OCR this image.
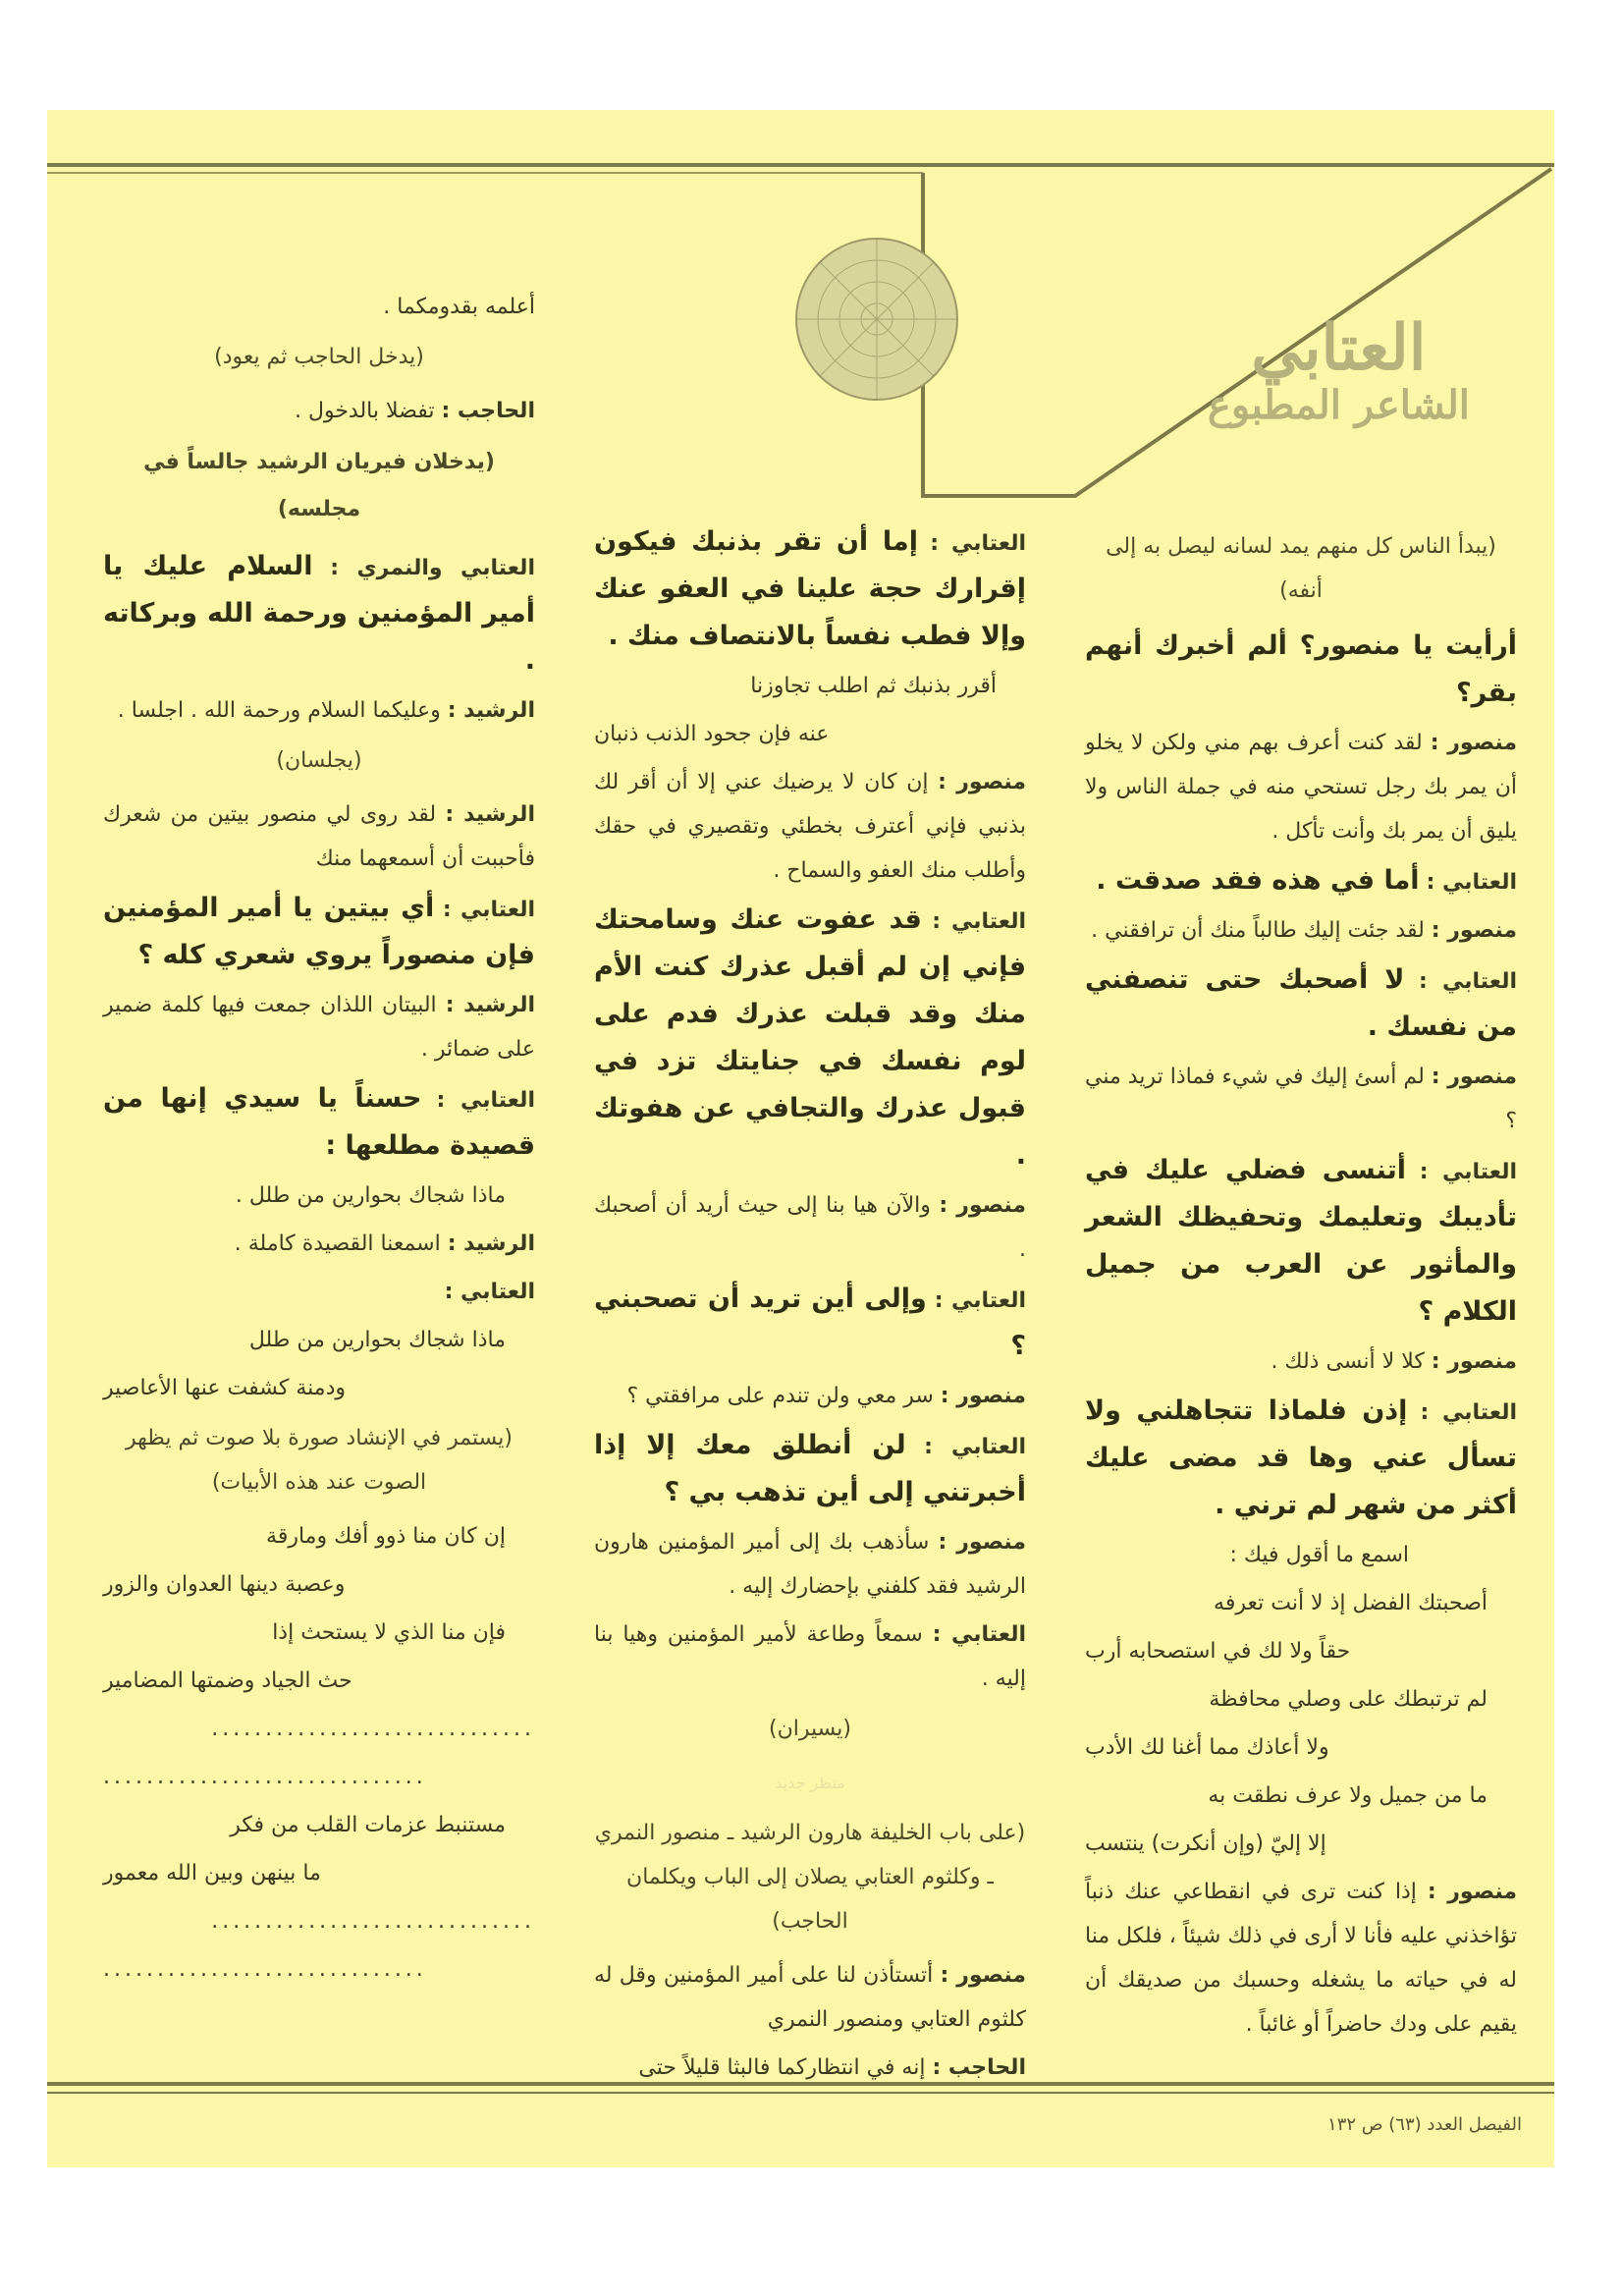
العتابي
الشاعر المطبوع

(يبدأ الناس كل منهم يمد لسانه ليصل به إلى أنفه)

أرأيت يا منصور؟ ألم أخبرك أنهم بقر؟

منصور : لقد كنت أعرف بهم مني ولكن لا يخلو أن يمر بك رجل تستحي منه في جملة الناس ولا يليق أن يمر بك وأنت تأكل .

العتابي : أما في هذه فقد صدقت .

منصور : لقد جئت إليك طالباً منك أن ترافقني .

العتابي : لا أصحبك حتى تنصفني من نفسك .

منصور : لم أسئ إليك في شيء فماذا تريد مني ؟

العتابي : أتنسى فضلي عليك في تأديبك وتعليمك وتحفيظك الشعر والمأثور عن العرب من جميل الكلام ؟

منصور : كلا لا أنسى ذلك .

العتابي : إذن فلماذا تتجاهلني ولا تسأل عني وها قد مضى عليك أكثر من شهر لم ترني .

اسمع ما أقول فيك :

أصحبتك الفضل إذ لا أنت تعرفه

حقاً ولا لك في استصحابه أرب

لم ترتبطك على وصلي محافظة

ولا أعاذك مما أغنا لك الأدب

ما من جميل ولا عرف نطقت به

إلا إليّ (وإن أنكرت) ينتسب

منصور : إذا كنت ترى في انقطاعي عنك ذنباً تؤاخذني عليه فأنا لا أرى في ذلك شيئاً ، فلكل منا له في حياته ما يشغله وحسبك من صديقك أن يقيم على ودك حاضراً أو غائباً .

العتابي : إما أن تقر بذنبك فيكون إقرارك حجة علينا في العفو عنك وإلا فطب نفساً بالانتصاف منك .

أقرر بذنبك ثم اطلب تجاوزنا

عنه فإن جحود الذنب ذنبان

منصور : إن كان لا يرضيك عني إلا أن أقر لك بذنبي فإني أعترف بخطئي وتقصيري في حقك وأطلب منك العفو والسماح .

العتابي : قد عفوت عنك وسامحتك فإني إن لم أقبل عذرك كنت الأم منك وقد قبلت عذرك فدم على لوم نفسك في جنايتك تزد في قبول عذرك والتجافي عن هفوتك .

منصور : والآن هيا بنا إلى حيث أريد أن أصحبك .

العتابي : وإلى أين تريد أن تصحبني ؟

منصور : سر معي ولن تندم على مرافقتي ؟

العتابي : لن أنطلق معك إلا إذا أخبرتني إلى أين تذهب بي ؟

منصور : سأذهب بك إلى أمير المؤمنين هارون الرشيد فقد كلفني بإحضارك إليه .

العتابي : سمعاً وطاعة لأمير المؤمنين وهيا بنا إليه .

(يسيران)

منظر جديد

(على باب الخليفة هارون الرشيد ـ منصور النمري ـ وكلثوم العتابي يصلان إلى الباب ويكلمان الحاجب)

منصور : أتستأذن لنا على أمير المؤمنين وقل له كلثوم العتابي ومنصور النمري

الحاجب : إنه في انتظاركما فالبثا قليلاً حتى

أعلمه بقدومكما .

(يدخل الحاجب ثم يعود)

الحاجب : تفضلا بالدخول .

(يدخلان فيريان الرشيد جالساً في مجلسه)

العتابي والنمري : السلام عليك يا أمير المؤمنين ورحمة الله وبركاته .

الرشيد : وعليكما السلام ورحمة الله . اجلسا .

(يجلسان)

الرشيد : لقد روى لي منصور بيتين من شعرك فأحببت أن أسمعهما منك

العتابي : أي بيتين يا أمير المؤمنين فإن منصوراً يروي شعري كله ؟

الرشيد : البيتان اللذان جمعت فيها كلمة ضمير على ضمائر .

العتابي : حسناً يا سيدي إنها من قصيدة مطلعها :

ماذا شجاك بحوارين من طلل .

الرشيد : اسمعنا القصيدة كاملة .

العتابي :

ماذا شجاك بحوارين من طلل

ودمنة كشفت عنها الأعاصير

(يستمر في الإنشاد صورة بلا صوت ثم يظهر الصوت عند هذه الأبيات)

إن كان منا ذوو أفك ومارقة

وعصبة دينها العدوان والزور

فإن منا الذي لا يستحث إذا

حث الجياد وضمتها المضامير

..............................

..............................

مستنبط عزمات القلب من فكر

ما بينهن وبين الله معمور

..............................

..............................

الفيصل العدد (٦٣) ص ١٣٢
